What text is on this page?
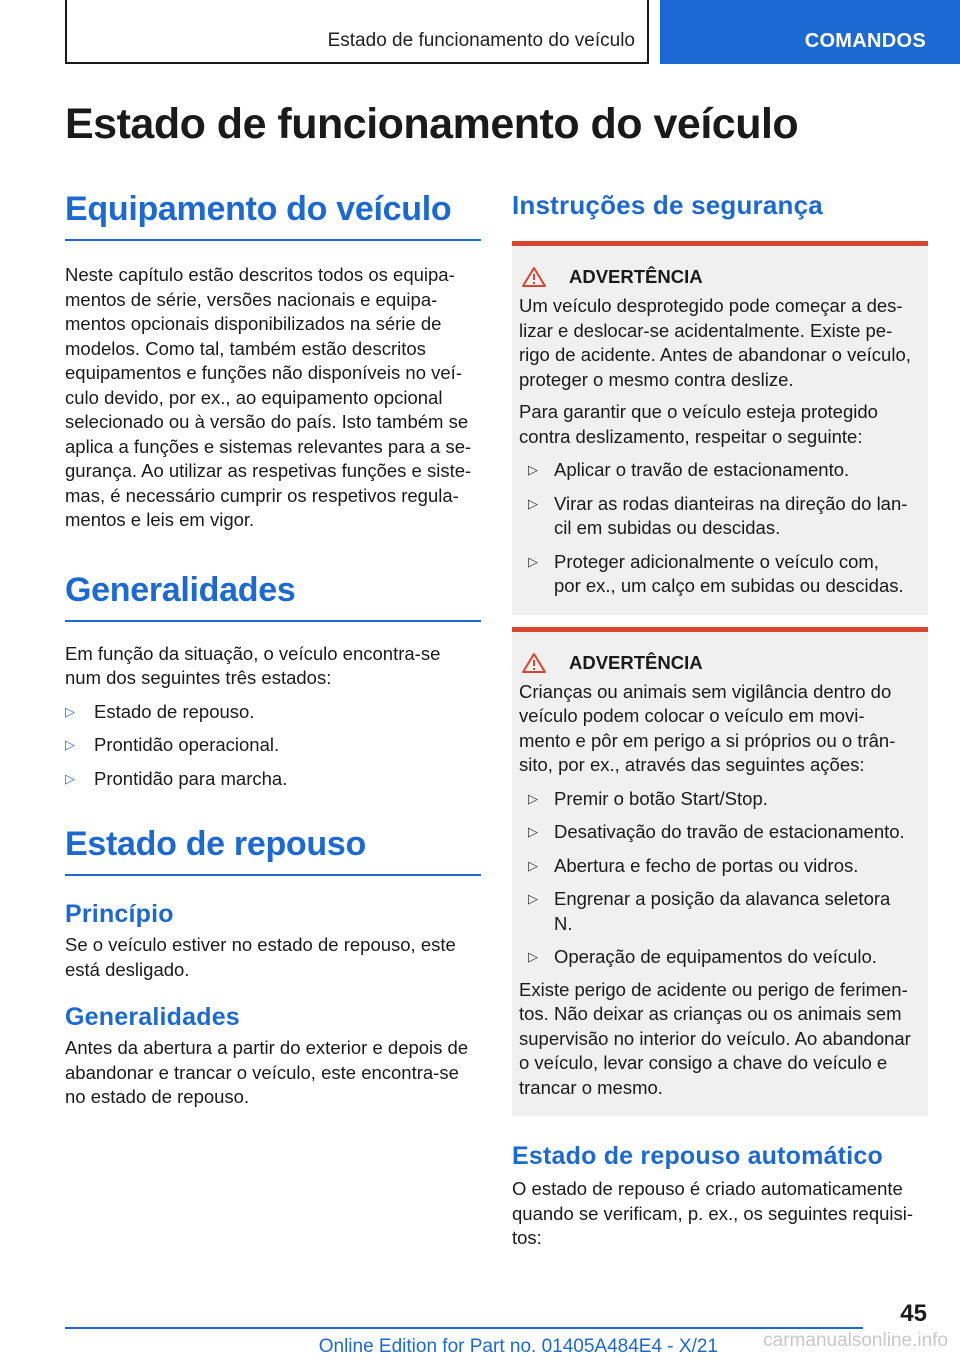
Estado de funcionamento do veículo	COMANDOS
Estado de funcionamento do veículo
Equipamento do veículo
Neste capítulo estão descritos todos os equipa-
mentos de série, versões nacionais e equipa-
mentos opcionais disponibilizados na série de
modelos. Como tal, também estão descritos
equipamentos e funções não disponíveis no veí-
culo devido, por ex., ao equipamento opcional
selecionado ou à versão do país. Isto também se
aplica a funções e sistemas relevantes para a se-
gurança. Ao utilizar as respetivas funções e siste-
mas, é necessário cumprir os respetivos regula-
mentos e leis em vigor.
Generalidades
Em função da situação, o veículo encontra-se
num dos seguintes três estados:
▷ Estado de repouso.
▷ Prontidão operacional.
▷ Prontidão para marcha.
Estado de repouso
Princípio
Se o veículo estiver no estado de repouso, este
está desligado.
Generalidades
Antes da abertura a partir do exterior e depois de
abandonar e trancar o veículo, este encontra-se
no estado de repouso.
Instruções de segurança
ADVERTÊNCIA
Um veículo desprotegido pode começar a des-
lizar e deslocar-se acidentalmente. Existe pe-
rigo de acidente. Antes de abandonar o veículo,
proteger o mesmo contra deslize.
Para garantir que o veículo esteja protegido
contra deslizamento, respeitar o seguinte:
▷ Aplicar o travão de estacionamento.
▷ Virar as rodas dianteiras na direção do lan-
cil em subidas ou descidas.
▷ Proteger adicionalmente o veículo com,
por ex., um calço em subidas ou descidas.
ADVERTÊNCIA
Crianças ou animais sem vigilância dentro do
veículo podem colocar o veículo em movi-
mento e pôr em perigo a si próprios ou o trân-
sito, por ex., através das seguintes ações:
▷ Premir o botão Start/Stop.
▷ Desativação do travão de estacionamento.
▷ Abertura e fecho de portas ou vidros.
▷ Engrenar a posição da alavanca seletora
N.
▷ Operação de equipamentos do veículo.
Existe perigo de acidente ou perigo de ferimen-
tos. Não deixar as crianças ou os animais sem
supervisão no interior do veículo. Ao abandonar
o veículo, levar consigo a chave do veículo e
trancar o mesmo.
Estado de repouso automático
O estado de repouso é criado automaticamente
quando se verificam, p. ex., os seguintes requisi-
tos:
45
Online Edition for Part no. 01405A484E4 - X/21 carmanualsonline.info
